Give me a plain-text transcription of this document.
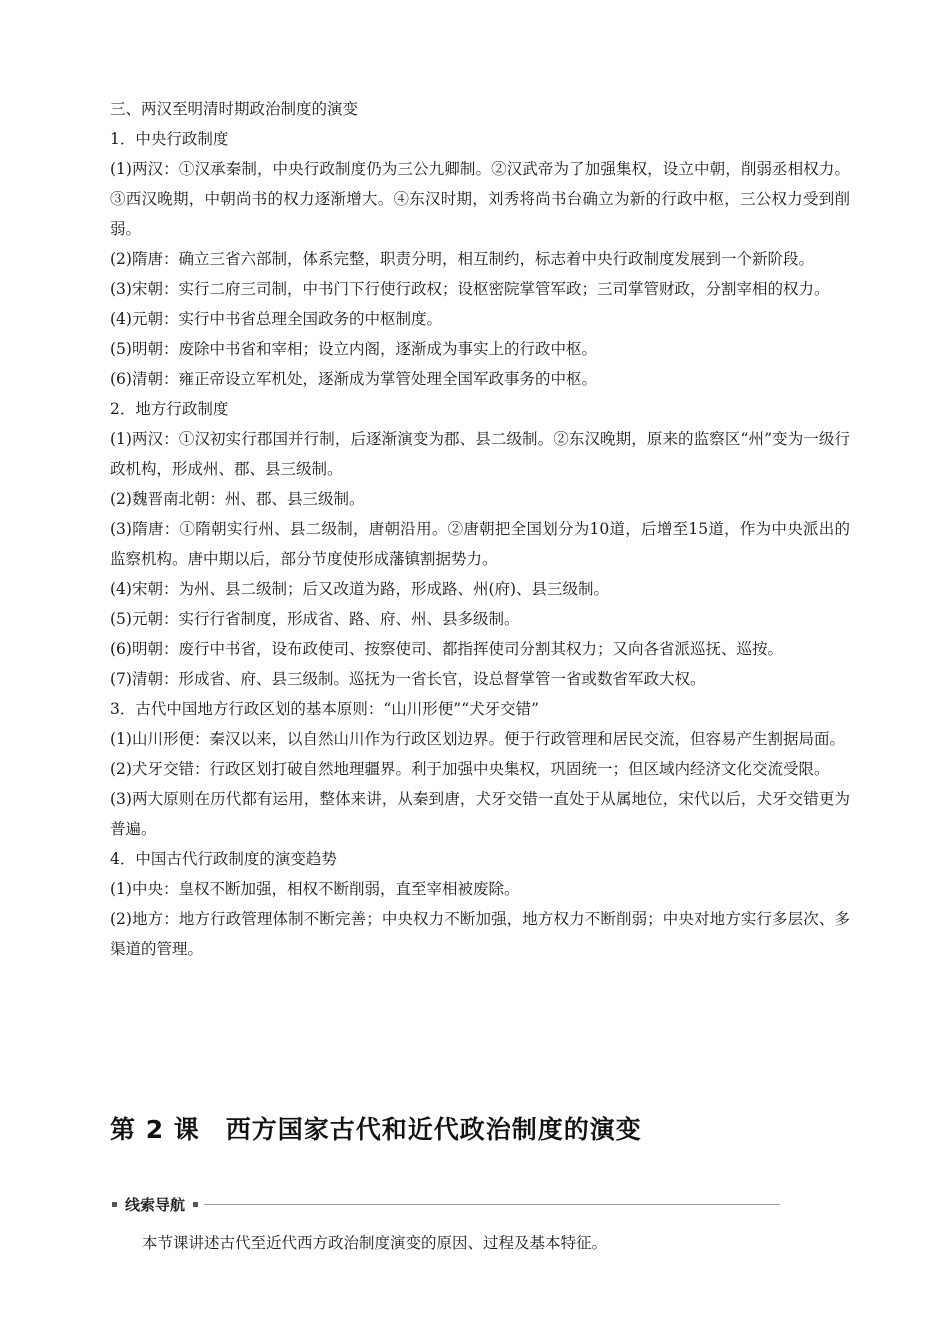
三、两汉至明清时期政治制度的演变

1．中央行政制度

(1)两汉：①汉承秦制，中央行政制度仍为三公九卿制。②汉武帝为了加强集权，设立中朝，削弱丞相权力。③西汉晚期，中朝尚书的权力逐渐增大。④东汉时期，刘秀将尚书台确立为新的行政中枢，三公权力受到削弱。

(2)隋唐：确立三省六部制，体系完整，职责分明，相互制约，标志着中央行政制度发展到一个新阶段。

(3)宋朝：实行二府三司制，中书门下行使行政权；设枢密院掌管军政；三司掌管财政，分割宰相的权力。

(4)元朝：实行中书省总理全国政务的中枢制度。

(5)明朝：废除中书省和宰相；设立内阁，逐渐成为事实上的行政中枢。

(6)清朝：雍正帝设立军机处，逐渐成为掌管处理全国军政事务的中枢。

2．地方行政制度

(1)两汉：①汉初实行郡国并行制，后逐渐演变为郡、县二级制。②东汉晚期，原来的监察区“州”变为一级行政机构，形成州、郡、县三级制。

(2)魏晋南北朝：州、郡、县三级制。

(3)隋唐：①隋朝实行州、县二级制，唐朝沿用。②唐朝把全国划分为10道，后增至15道，作为中央派出的监察机构。唐中期以后，部分节度使形成藩镇割据势力。

(4)宋朝：为州、县二级制；后又改道为路，形成路、州(府)、县三级制。

(5)元朝：实行行省制度，形成省、路、府、州、县多级制。

(6)明朝：废行中书省，设布政使司、按察使司、都指挥使司分割其权力；又向各省派巡抚、巡按。

(7)清朝：形成省、府、县三级制。巡抚为一省长官，设总督掌管一省或数省军政大权。

3．古代中国地方行政区划的基本原则：“山川形便”“犬牙交错”

(1)山川形便：秦汉以来，以自然山川作为行政区划边界。便于行政管理和居民交流，但容易产生割据局面。

(2)犬牙交错：行政区划打破自然地理疆界。利于加强中央集权，巩固统一；但区域内经济文化交流受限。

(3)两大原则在历代都有运用，整体来讲，从秦到唐，犬牙交错一直处于从属地位，宋代以后，犬牙交错更为普遍。

4．中国古代行政制度的演变趋势

(1)中央：皇权不断加强，相权不断削弱，直至宰相被废除。

(2)地方：地方行政管理体制不断完善；中央权力不断加强，地方权力不断削弱；中央对地方实行多层次、多渠道的管理。

第 2 课　西方国家古代和近代政治制度的演变
线索导航
本节课讲述古代至近代西方政治制度演变的原因、过程及基本特征。
